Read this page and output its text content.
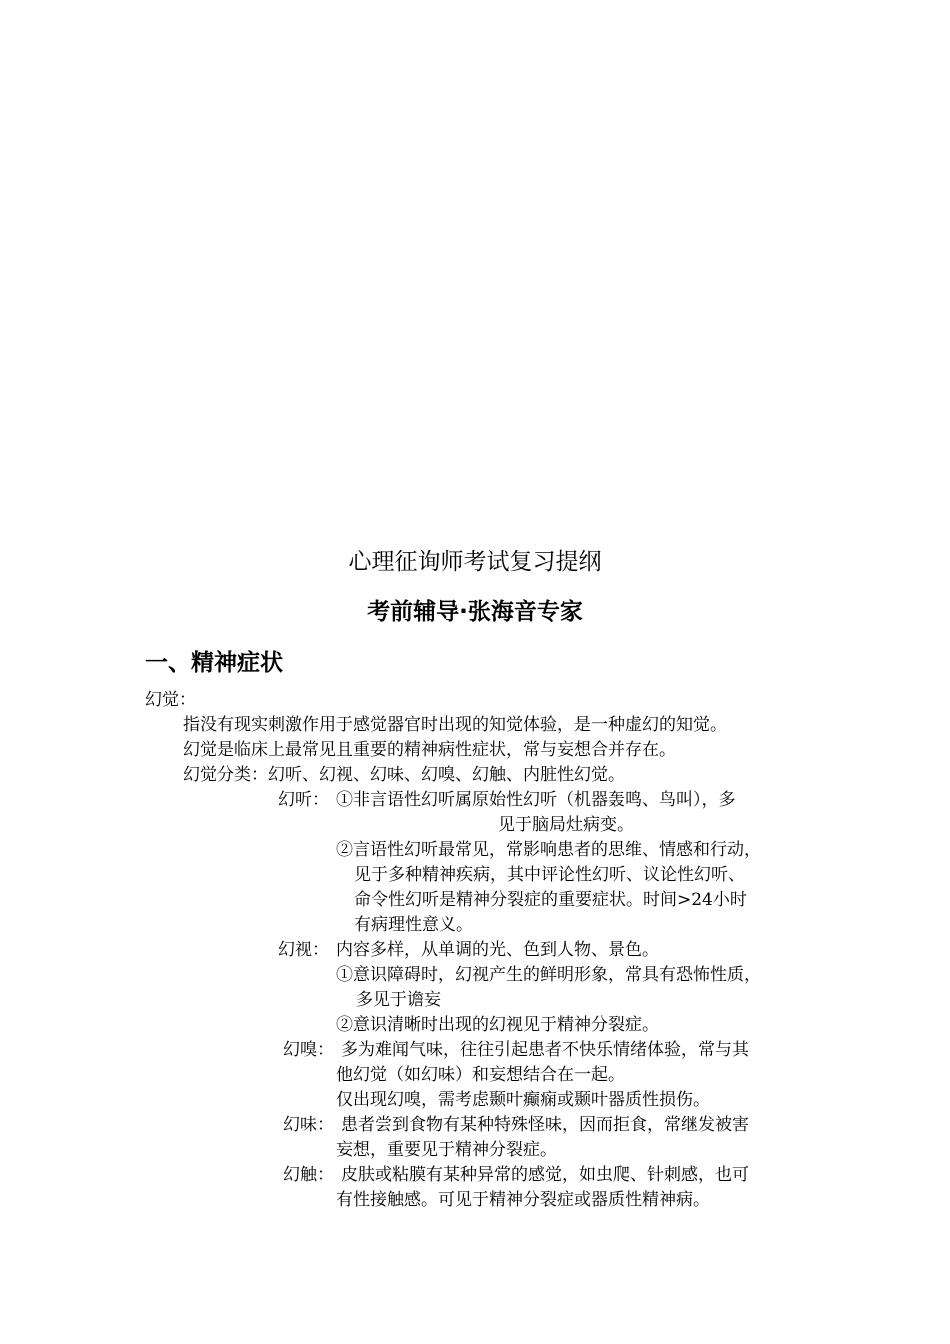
心理征询师考试复习提纲
考前辅导·张海音专家
一、精神症状
幻觉：
指没有现实刺激作用于感觉器官时出现的知觉体验，是一种虚幻的知觉。
幻觉是临床上最常见且重要的精神病性症状，常与妄想合并存在。
幻觉分类：幻听、幻视、幻味、幻嗅、幻触、内脏性幻觉。
幻听： ①非言语性幻听属原始性幻听（机器轰鸣、鸟叫），多
见于脑局灶病变。
②言语性幻听最常见，常影响患者的思维、情感和行动，
见于多种精神疾病，其中评论性幻听、议论性幻听、
命令性幻听是精神分裂症的重要症状。时间>24小时
有病理性意义。
幻视： 内容多样，从单调的光、色到人物、景色。
①意识障碍时，幻视产生的鲜明形象，常具有恐怖性质，
多见于谵妄
②意识清晰时出现的幻视见于精神分裂症。
幻嗅： 多为难闻气味，往往引起患者不快乐情绪体验，常与其
他幻觉（如幻味）和妄想结合在一起。
仅出现幻嗅，需考虑颞叶癫痫或颞叶器质性损伤。
幻味： 患者尝到食物有某种特殊怪味，因而拒食，常继发被害
妄想，重要见于精神分裂症。
幻触： 皮肤或粘膜有某种异常的感觉，如虫爬、针刺感，也可
有性接触感。可见于精神分裂症或器质性精神病。
